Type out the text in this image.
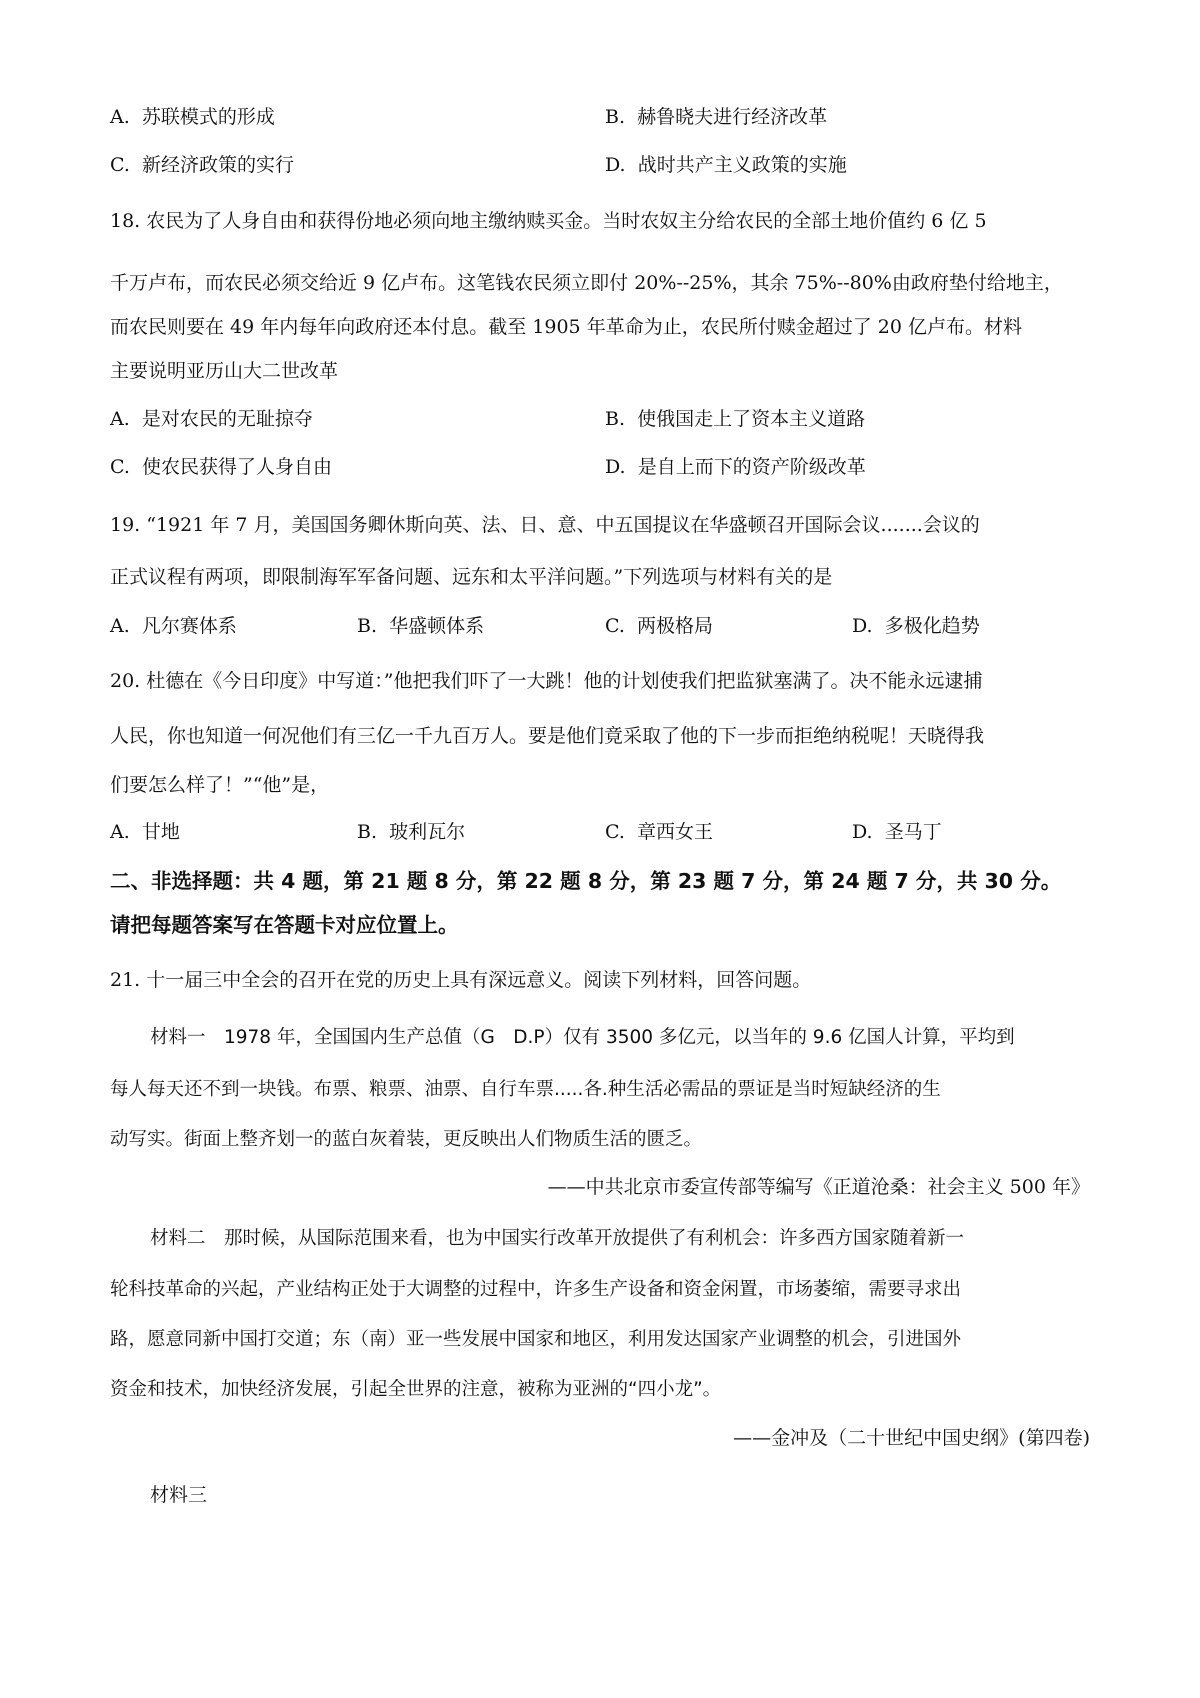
A. 苏联模式的形成	B. 赫鲁晓夫进行经济改革
C. 新经济政策的实行	D. 战时共产主义政策的实施
18. 农民为了人身自由和获得份地必须向地主缴纳赎买金。当时农奴主分给农民的全部土地价值约 6 亿 5
千万卢布，而农民必须交给近 9 亿卢布。这笔钱农民须立即付 20%--25%，其余 75%--80%由政府垫付给地主，
而农民则要在 49 年内每年向政府还本付息。截至 1905 年革命为止，农民所付赎金超过了 20 亿卢布。材料
主要说明亚历山大二世改革
A. 是对农民的无耻掠夺	B. 使俄国走上了资本主义道路
C. 使农民获得了人身自由	D. 是自上而下的资产阶级改革
19. “1921 年 7 月，美国国务卿休斯向英、法、日、意、中五国提议在华盛顿召开国际会议.......会议的
正式议程有两项，即限制海军军备问题、远东和太平洋问题。”下列选项与材料有关的是
A. 凡尔赛体系	B. 华盛顿体系	C. 两极格局	D. 多极化趋势
20. 杜德在《今日印度》中写道：”他把我们吓了一大跳！他的计划使我们把监狱塞满了。决不能永远逮捕
人民，你也知道一何况他们有三亿一千九百万人。要是他们竟采取了他的下一步而拒绝纳税呢！天晓得我
们要怎么样了！”“他”是，
A. 甘地	B. 玻利瓦尔	C. 章西女王	D. 圣马丁
二、非选择题：共 4 题，第 21 题 8 分，第 22 题 8 分，第 23 题 7 分，第 24 题 7 分，共 30 分。
请把每题答案写在答题卡对应位置上。
21. 十一届三中全会的召开在党的历史上具有深远意义。阅读下列材料，回答问题。
材料一　1978 年，全国国内生产总值（G　D.P）仅有 3500 多亿元，以当年的 9.6 亿国人计算，平均到
每人每天还不到一块钱。布票、粮票、油票、自行车票.....各.种生活必需品的票证是当时短缺经济的生
动写实。街面上整齐划一的蓝白灰着装，更反映出人们物质生活的匮乏。
——中共北京市委宣传部等编写《正道沧桑：社会主义 500 年》
材料二　那时候，从国际范围来看，也为中国实行改革开放提供了有利机会：许多西方国家随着新一
轮科技革命的兴起，产业结构正处于大调整的过程中，许多生产设备和资金闲置，市场萎缩，需要寻求出
路，愿意同新中国打交道；东（南）亚一些发展中国家和地区，利用发达国家产业调整的机会，引进国外
资金和技术，加快经济发展，引起全世界的注意，被称为亚洲的“四小龙”。
——金冲及（二十世纪中国史纲》(第四卷)
材料三
